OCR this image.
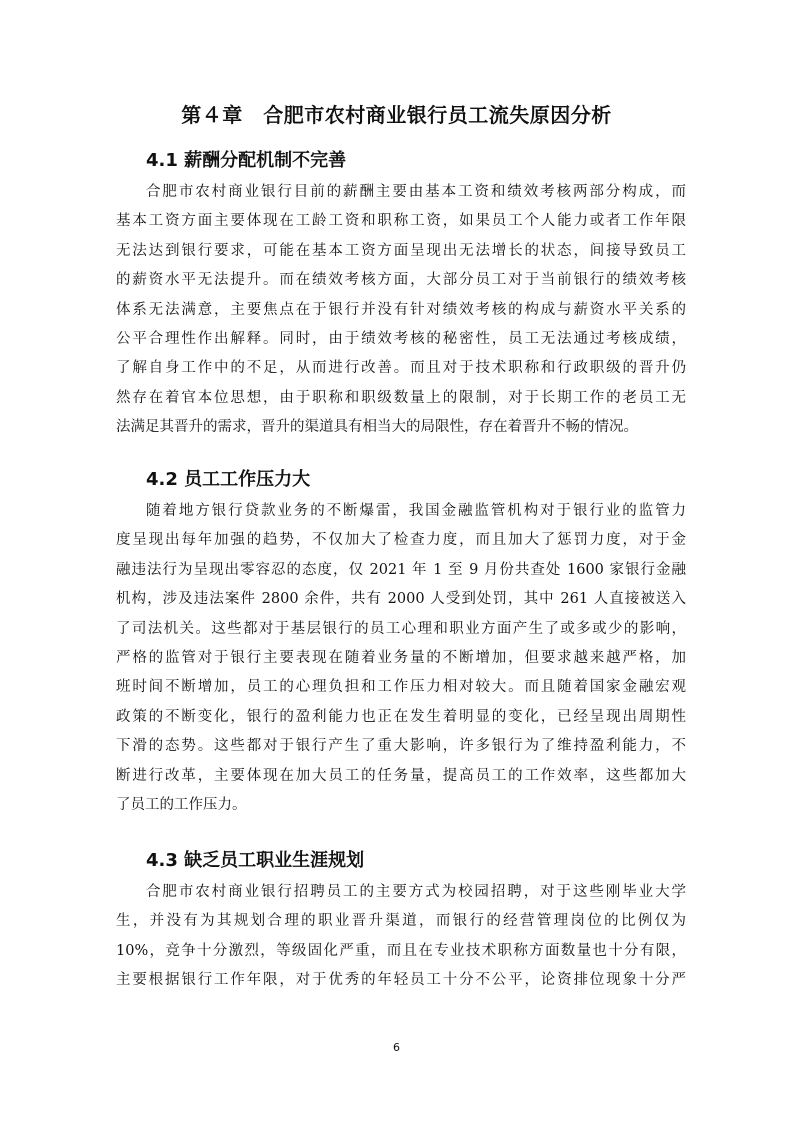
第４章　合肥市农村商业银行员工流失原因分析
4.1 薪酬分配机制不完善

合肥市农村商业银行目前的薪酬主要由基本工资和绩效考核两部分构成，而

基本工资方面主要体现在工龄工资和职称工资，如果员工个人能力或者工作年限

无法达到银行要求，可能在基本工资方面呈现出无法增长的状态，间接导致员工

的薪资水平无法提升。而在绩效考核方面，大部分员工对于当前银行的绩效考核

体系无法满意，主要焦点在于银行并没有针对绩效考核的构成与薪资水平关系的

公平合理性作出解释。同时，由于绩效考核的秘密性，员工无法通过考核成绩，

了解自身工作中的不足，从而进行改善。而且对于技术职称和行政职级的晋升仍

然存在着官本位思想，由于职称和职级数量上的限制，对于长期工作的老员工无

法满足其晋升的需求，晋升的渠道具有相当大的局限性，存在着晋升不畅的情况。

4.2 员工工作压力大

随着地方银行贷款业务的不断爆雷，我国金融监管机构对于银行业的监管力

度呈现出每年加强的趋势，不仅加大了检查力度，而且加大了惩罚力度，对于金

融违法行为呈现出零容忍的态度，仅 2021 年 1 至 9 月份共查处 1600 家银行金融

机构，涉及违法案件 2800 余件，共有 2000 人受到处罚，其中 261 人直接被送入

了司法机关。这些都对于基层银行的员工心理和职业方面产生了或多或少的影响，

严格的监管对于银行主要表现在随着业务量的不断增加，但要求越来越严格，加

班时间不断增加，员工的心理负担和工作压力相对较大。而且随着国家金融宏观

政策的不断变化，银行的盈利能力也正在发生着明显的变化，已经呈现出周期性

下滑的态势。这些都对于银行产生了重大影响，许多银行为了维持盈利能力，不

断进行改革，主要体现在加大员工的任务量，提高员工的工作效率，这些都加大

了员工的工作压力。

4.3 缺乏员工职业生涯规划

合肥市农村商业银行招聘员工的主要方式为校园招聘，对于这些刚毕业大学

生，并没有为其规划合理的职业晋升渠道，而银行的经营管理岗位的比例仅为

10%，竞争十分激烈，等级固化严重，而且在专业技术职称方面数量也十分有限，

主要根据银行工作年限，对于优秀的年轻员工十分不公平，论资排位现象十分严

6
